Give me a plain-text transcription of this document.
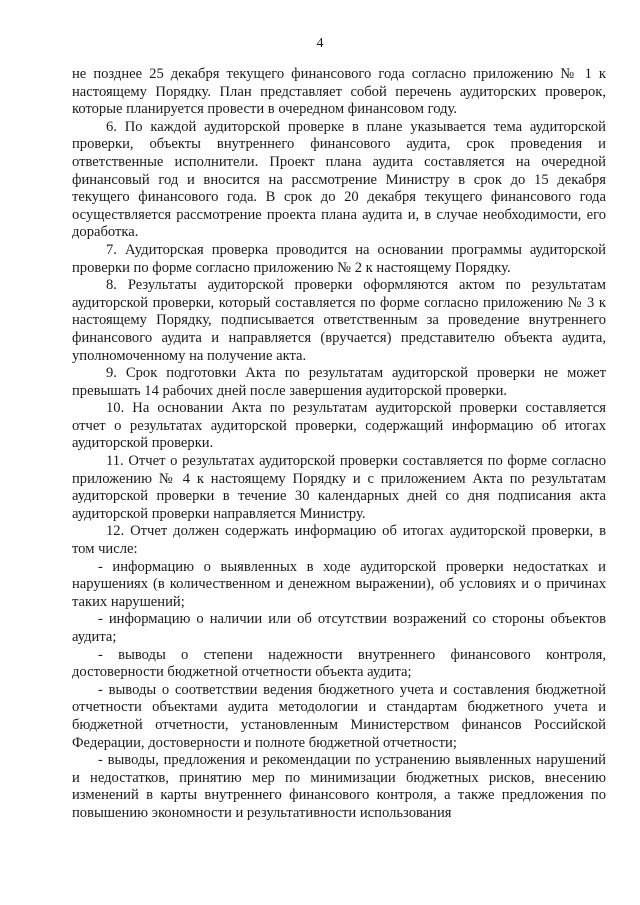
4

не позднее 25 декабря текущего финансового года согласно приложению № 1 к настоящему Порядку. План представляет собой перечень аудиторских проверок, которые планируется провести в очередном финансовом году.

6. По каждой аудиторской проверке в плане указывается тема аудиторской проверки, объекты внутреннего финансового аудита, срок проведения и ответственные исполнители. Проект плана аудита составляется на очередной финансовый год и вносится на рассмотрение Министру в срок до 15 декабря текущего финансового года. В срок до 20 декабря текущего финансового года осуществляется рассмотрение проекта плана аудита и, в случае необходимости, его доработка.

7. Аудиторская проверка проводится на основании программы аудиторской проверки по форме согласно приложению № 2 к настоящему Порядку.

8. Результаты аудиторской проверки оформляются актом по результатам аудиторской проверки, который составляется по форме согласно приложению № 3 к настоящему Порядку, подписывается ответственным за проведение внутреннего финансового аудита и направляется (вручается) представителю объекта аудита, уполномоченному на получение акта.

9. Срок подготовки Акта по результатам аудиторской проверки не может превышать 14 рабочих дней после завершения аудиторской проверки.

10. На основании Акта по результатам аудиторской проверки составляется отчет о результатах аудиторской проверки, содержащий информацию об итогах аудиторской проверки.

11. Отчет о результатах аудиторской проверки составляется по форме согласно приложению № 4 к настоящему Порядку и с приложением Акта по результатам аудиторской проверки в течение 30 календарных дней со дня подписания акта аудиторской проверки направляется Министру.

12. Отчет должен содержать информацию об итогах аудиторской проверки, в том числе:

- информацию о выявленных в ходе аудиторской проверки недостатках и нарушениях (в количественном и денежном выражении), об условиях и о причинах таких нарушений;

- информацию о наличии или об отсутствии возражений со стороны объектов аудита;

- выводы о степени надежности внутреннего финансового контроля, достоверности бюджетной отчетности объекта аудита;

- выводы о соответствии ведения бюджетного учета и составления бюджетной отчетности объектами аудита методологии и стандартам бюджетного учета и бюджетной отчетности, установленным Министерством финансов Российской Федерации, достоверности и полноте бюджетной отчетности;

- выводы, предложения и рекомендации по устранению выявленных нарушений и недостатков, принятию мер по минимизации бюджетных рисков, внесению изменений в карты внутреннего финансового контроля, а также предложения по повышению экономности и результативности использования
